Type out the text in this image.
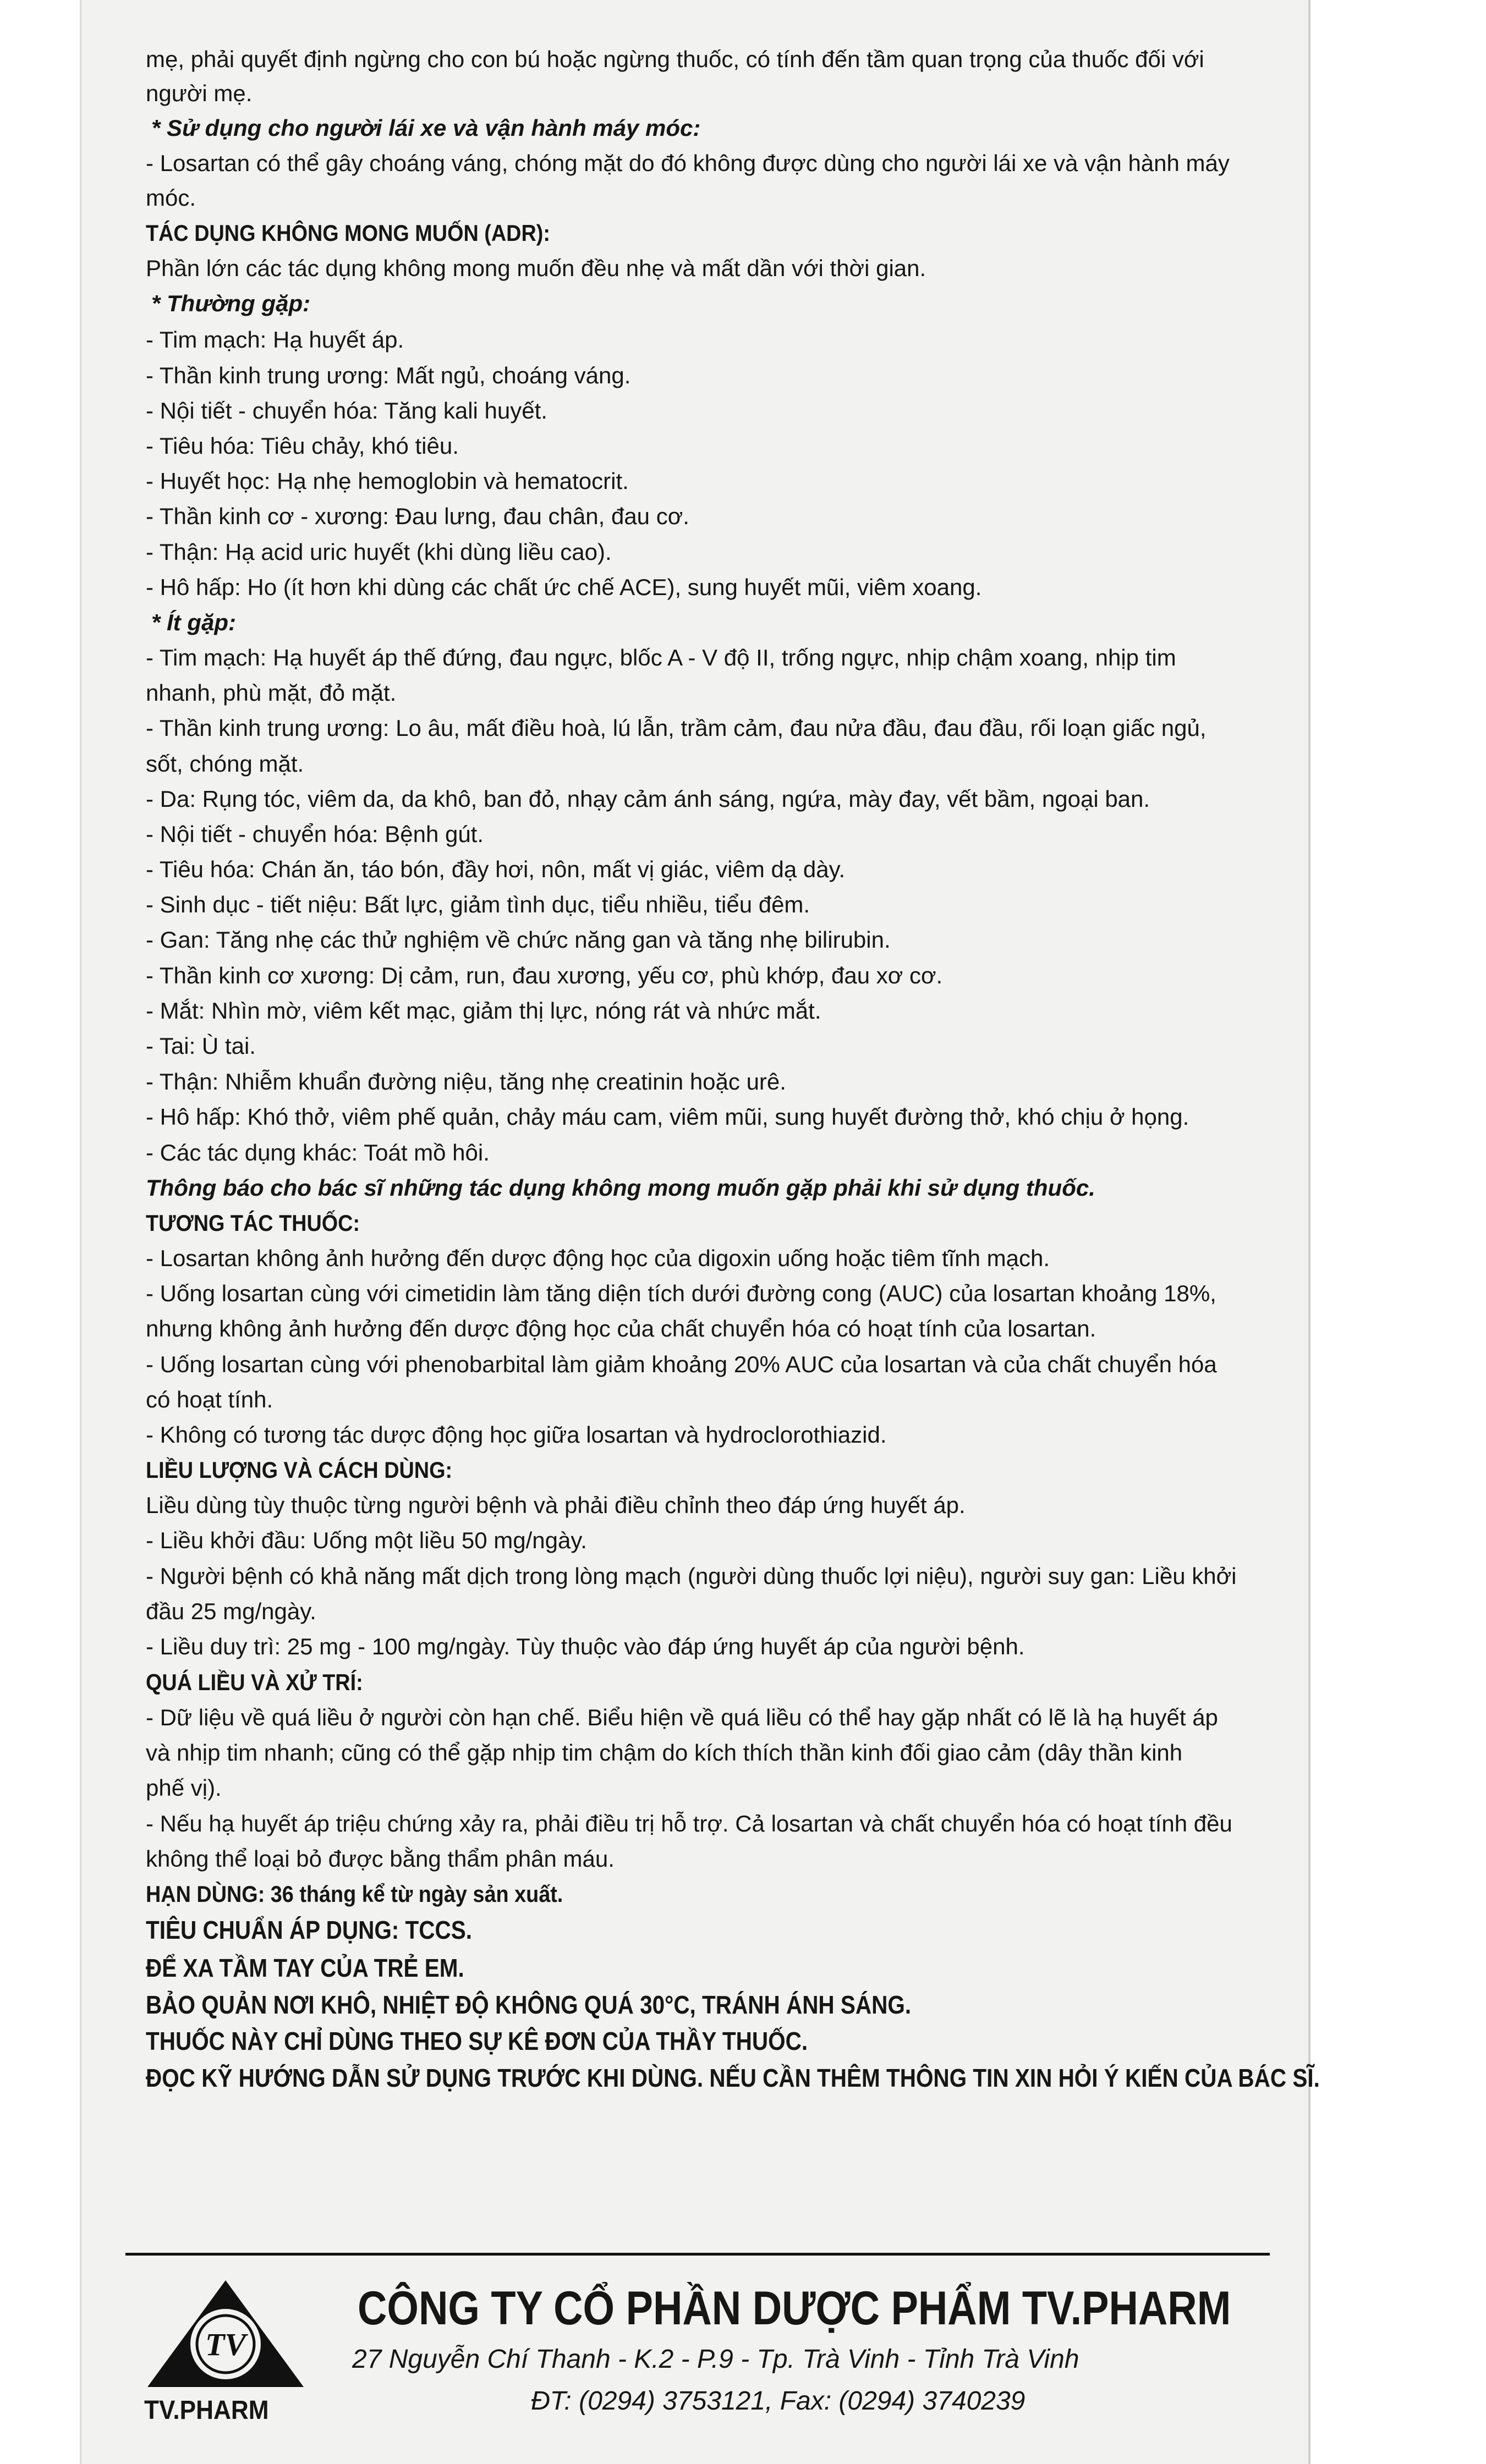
mẹ, phải quyết định ngừng cho con bú hoặc ngừng thuốc, có tính đến tầm quan trọng của thuốc đối với
người mẹ.
* Sử dụng cho người lái xe và vận hành máy móc:
- Losartan có thể gây choáng váng, chóng mặt do đó không được dùng cho người lái xe và vận hành máy
móc.
TÁC DỤNG KHÔNG MONG MUỐN (ADR):
Phần lớn các tác dụng không mong muốn đều nhẹ và mất dần với thời gian.
* Thường gặp:
- Tim mạch: Hạ huyết áp.
- Thần kinh trung ương: Mất ngủ, choáng váng.
- Nội tiết - chuyển hóa: Tăng kali huyết.
- Tiêu hóa: Tiêu chảy, khó tiêu.
- Huyết học: Hạ nhẹ hemoglobin và hematocrit.
- Thần kinh cơ - xương: Đau lưng, đau chân, đau cơ.
- Thận: Hạ acid uric huyết (khi dùng liều cao).
- Hô hấp: Ho (ít hơn khi dùng các chất ức chế ACE), sung huyết mũi, viêm xoang.
* Ít gặp:
- Tim mạch: Hạ huyết áp thế đứng, đau ngực, blốc A - V độ II, trống ngực, nhịp chậm xoang, nhịp tim
nhanh, phù mặt, đỏ mặt.
- Thần kinh trung ương: Lo âu, mất điều hoà, lú lẫn, trầm cảm, đau nửa đầu, đau đầu, rối loạn giấc ngủ,
sốt, chóng mặt.
- Da: Rụng tóc, viêm da, da khô, ban đỏ, nhạy cảm ánh sáng, ngứa, mày đay, vết bầm, ngoại ban.
- Nội tiết - chuyển hóa: Bệnh gút.
- Tiêu hóa: Chán ăn, táo bón, đầy hơi, nôn, mất vị giác, viêm dạ dày.
- Sinh dục - tiết niệu: Bất lực, giảm tình dục, tiểu nhiều, tiểu đêm.
- Gan: Tăng nhẹ các thử nghiệm về chức năng gan và tăng nhẹ bilirubin.
- Thần kinh cơ xương: Dị cảm, run, đau xương, yếu cơ, phù khớp, đau xơ cơ.
- Mắt: Nhìn mờ, viêm kết mạc, giảm thị lực, nóng rát và nhức mắt.
- Tai: Ù tai.
- Thận: Nhiễm khuẩn đường niệu, tăng nhẹ creatinin hoặc urê.
- Hô hấp: Khó thở, viêm phế quản, chảy máu cam, viêm mũi, sung huyết đường thở, khó chịu ở họng.
- Các tác dụng khác: Toát mồ hôi.
Thông báo cho bác sĩ những tác dụng không mong muốn gặp phải khi sử dụng thuốc.
TƯƠNG TÁC THUỐC:
- Losartan không ảnh hưởng đến dược động học của digoxin uống hoặc tiêm tĩnh mạch.
- Uống losartan cùng với cimetidin làm tăng diện tích dưới đường cong (AUC) của losartan khoảng 18%,
nhưng không ảnh hưởng đến dược động học của chất chuyển hóa có hoạt tính của losartan.
- Uống losartan cùng với phenobarbital làm giảm khoảng 20% AUC của losartan và của chất chuyển hóa
có hoạt tính.
- Không có tương tác dược động học giữa losartan và hydroclorothiazid.
LIỀU LƯỢNG VÀ CÁCH DÙNG:
Liều dùng tùy thuộc từng người bệnh và phải điều chỉnh theo đáp ứng huyết áp.
- Liều khởi đầu: Uống một liều 50 mg/ngày.
- Người bệnh có khả năng mất dịch trong lòng mạch (người dùng thuốc lợi niệu), người suy gan: Liều khởi
đầu 25 mg/ngày.
- Liều duy trì: 25 mg - 100 mg/ngày. Tùy thuộc vào đáp ứng huyết áp của người bệnh.
QUÁ LIỀU VÀ XỬ TRÍ:
- Dữ liệu về quá liều ở người còn hạn chế. Biểu hiện về quá liều có thể hay gặp nhất có lẽ là hạ huyết áp
và nhịp tim nhanh; cũng có thể gặp nhịp tim chậm do kích thích thần kinh đối giao cảm (dây thần kinh
phế vị).
- Nếu hạ huyết áp triệu chứng xảy ra, phải điều trị hỗ trợ. Cả losartan và chất chuyển hóa có hoạt tính đều
không thể loại bỏ được bằng thẩm phân máu.
HẠN DÙNG: 36 tháng kể từ ngày sản xuất.
TIÊU CHUẨN ÁP DỤNG: TCCS.
ĐỂ XA TẦM TAY CỦA TRẺ EM.
BẢO QUẢN NƠI KHÔ, NHIỆT ĐỘ KHÔNG QUÁ 30°C, TRÁNH ÁNH SÁNG.
THUỐC NÀY CHỈ DÙNG THEO SỰ KÊ ĐƠN CỦA THẦY THUỐC.
ĐỌC KỸ HƯỚNG DẪN SỬ DỤNG TRƯỚC KHI DÙNG. NẾU CẦN THÊM THÔNG TIN XIN HỎI Ý KIẾN CỦA BÁC SĨ.
TV
TV.PHARM
CÔNG TY CỔ PHẦN DƯỢC PHẨM TV.PHARM
27 Nguyễn Chí Thanh - K.2 - P.9 - Tp. Trà Vinh - Tỉnh Trà Vinh
ĐT: (0294) 3753121, Fax: (0294) 3740239
